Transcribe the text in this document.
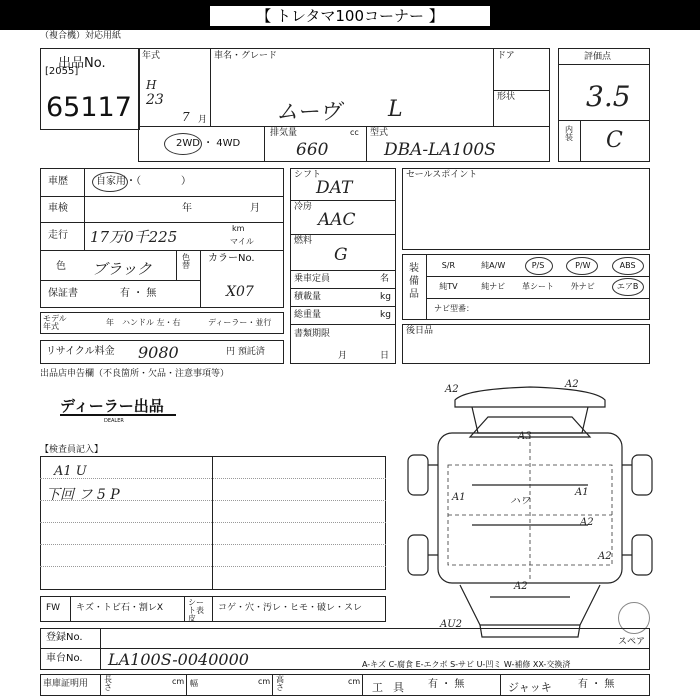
【 トレタマ100コーナー 】
（複合機）対応用紙
出品No.
[2055]
65117
年式
H
23
7 月
車名・グレード
ムーヴ L
ドア
形状
2WD ・ 4WD
排気量	cc
660
型式
DBA-LA100S
評価点
3.5
内装 C
車歴	自家用・（　　　　）
車検	年	月
走行 17万0千225	km
マイル
色 ブラック
色替
カラーNo.
X07
保証書	有 ・ 無
モデル年式	年 ハンドル 左・右	ディーラー・並行
リサイクル料金 9080	円 預託済
シフト
DAT
冷房
AAC
燃料
G
乗車定員	名
積載量	kg
総重量	kg
書類期限
月	日
セールスポイント
装備品
S/R	純A/W	P/S	P/W	ABS
純TV	純ナビ	革シート	外ナビ	エアB
ナビ型番：
後日品
出品店申告欄（不良箇所・欠品・注意事項等）
ディーラー出品
DEALER
【検査員記入】
A1 U
下回 フ 5 P
A2	A2
A3
A1	ハワ
A1
A2
A2
A2
AU2
スペア
FW キズ・トビ石・割レX
シート表皮
コゲ・穴・汚レ・ヒモ・破レ・スレ
登録No.
車台No. LA100S-0040000	A-キズ C-腐食 E-エクボ S-サビ U-凹ミ W-補修 XX-交換済
車庫証明用 長さ
cm 幅	cm 高さ
cm 工具 有 ・ 無	ジャッキ	有 ・ 無
